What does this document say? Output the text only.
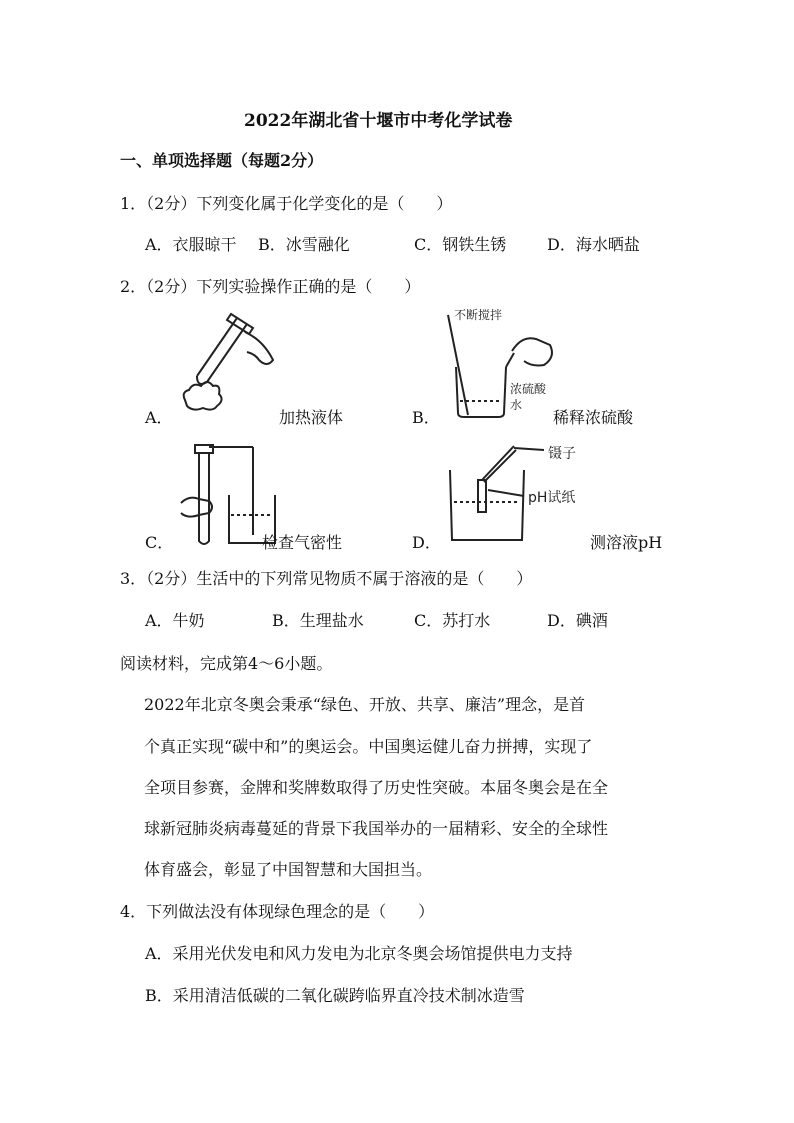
2022年湖北省十堰市中考化学试卷
一、单项选择题（每题2分）
1．（2分）下列变化属于化学变化的是（　　）
A．衣服晾干 B．冰雪融化	C．钢铁生锈	D．海水晒盐
2．（2分）下列实验操作正确的是（　　）
A．	加热液体
不断搅拌
浓硫酸
水
B．	稀释浓硫酸
C．	检查气密性
镊子
pH试纸
D．	测溶液pH
3．（2分）生活中的下列常见物质不属于溶液的是（　　）
A．牛奶	B．生理盐水	C．苏打水	D．碘酒
阅读材料，完成第4～6小题。
2022年北京冬奥会秉承“绿色、开放、共享、廉洁”理念，是首
个真正实现“碳中和”的奥运会。中国奥运健儿奋力拼搏，实现了
全项目参赛，金牌和奖牌数取得了历史性突破。本届冬奥会是在全
球新冠肺炎病毒蔓延的背景下我国举办的一届精彩、安全的全球性
体育盛会，彰显了中国智慧和大国担当。
4．下列做法没有体现绿色理念的是（　　）
A．采用光伏发电和风力发电为北京冬奥会场馆提供电力支持
B．采用清洁低碳的二氧化碳跨临界直冷技术制冰造雪
